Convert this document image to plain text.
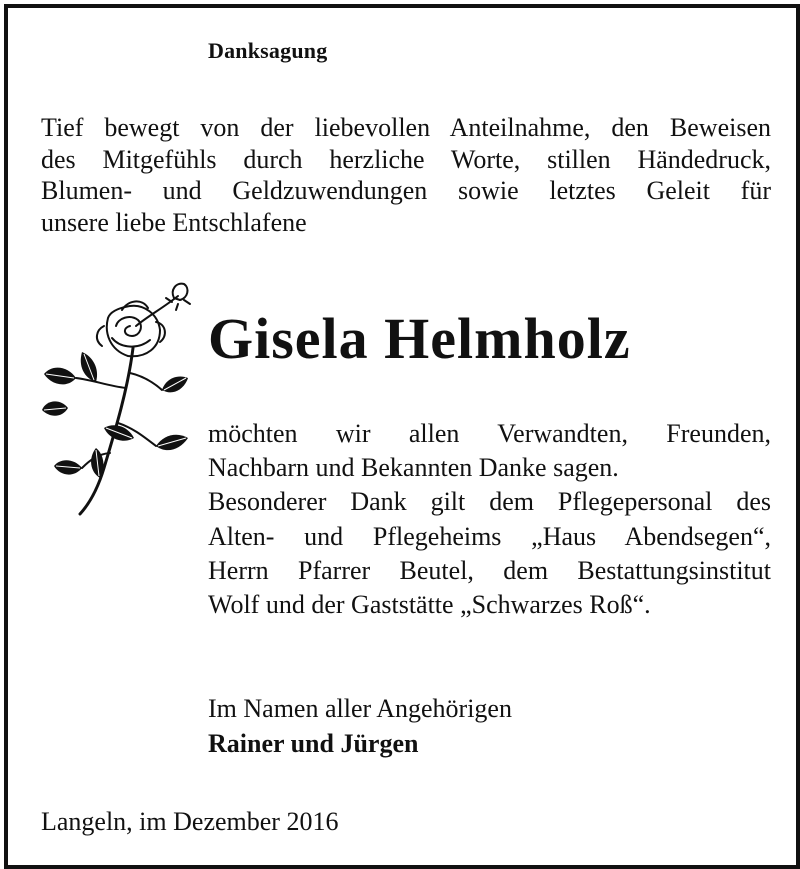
Danksagung
Tief bewegt von der liebevollen Anteilnahme, den Beweisen
des Mitgefühls durch herzliche Worte, stillen Händedruck,
Blumen- und Geldzuwendungen sowie letztes Geleit für
unsere liebe Entschlafene
Gisela Helmholz
möchten wir allen Verwandten, Freunden,
Nachbarn und Bekannten Danke sagen.
Besonderer Dank gilt dem Pflegepersonal des
Alten- und Pflegeheims „Haus Abendsegen“,
Herrn Pfarrer Beutel, dem Bestattungsinstitut
Wolf und der Gaststätte „Schwarzes Roß“.
Im Namen aller Angehörigen
Rainer und Jürgen
Langeln, im Dezember 2016
